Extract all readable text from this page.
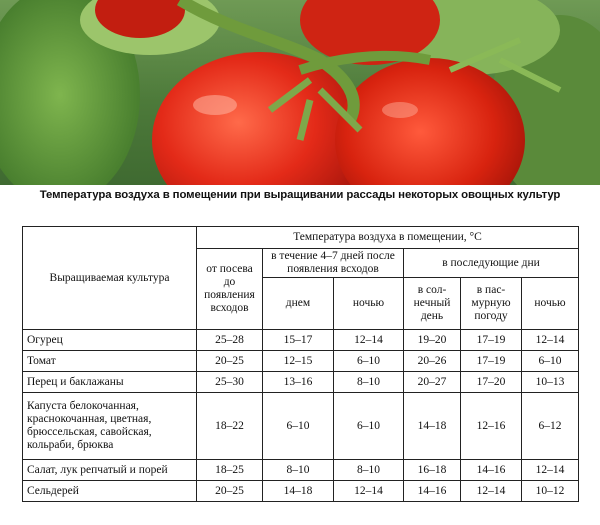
Температура воздуха в помещении при выращивании рассады некоторых овощных культур
Выращиваемая культура	Температура воздуха в помещении, °С					
	от посева до появления всходов	в течение 4–7 дней после появления всходов		в последующие дни		
		днем	ночью	в сол-нечный день	в пас-мурную погоду	ночью
Огурец	25–28	15–17	12–14	19–20	17–19	12–14
Томат	20–25	12–15	6–10	20–26	17–19	6–10
Перец и баклажаны	25–30	13–16	8–10	20–27	17–20	10–13
Капуста белокочанная, краснокочанная, цветная, брюссельская, савойская, кольраби, брюква	18–22	6–10	6–10	14–18	12–16	6–12
Салат, лук репчатый и порей	18–25	8–10	8–10	16–18	14–16	12–14
Сельдерей	20–25	14–18	12–14	14–16	12–14	10–12
